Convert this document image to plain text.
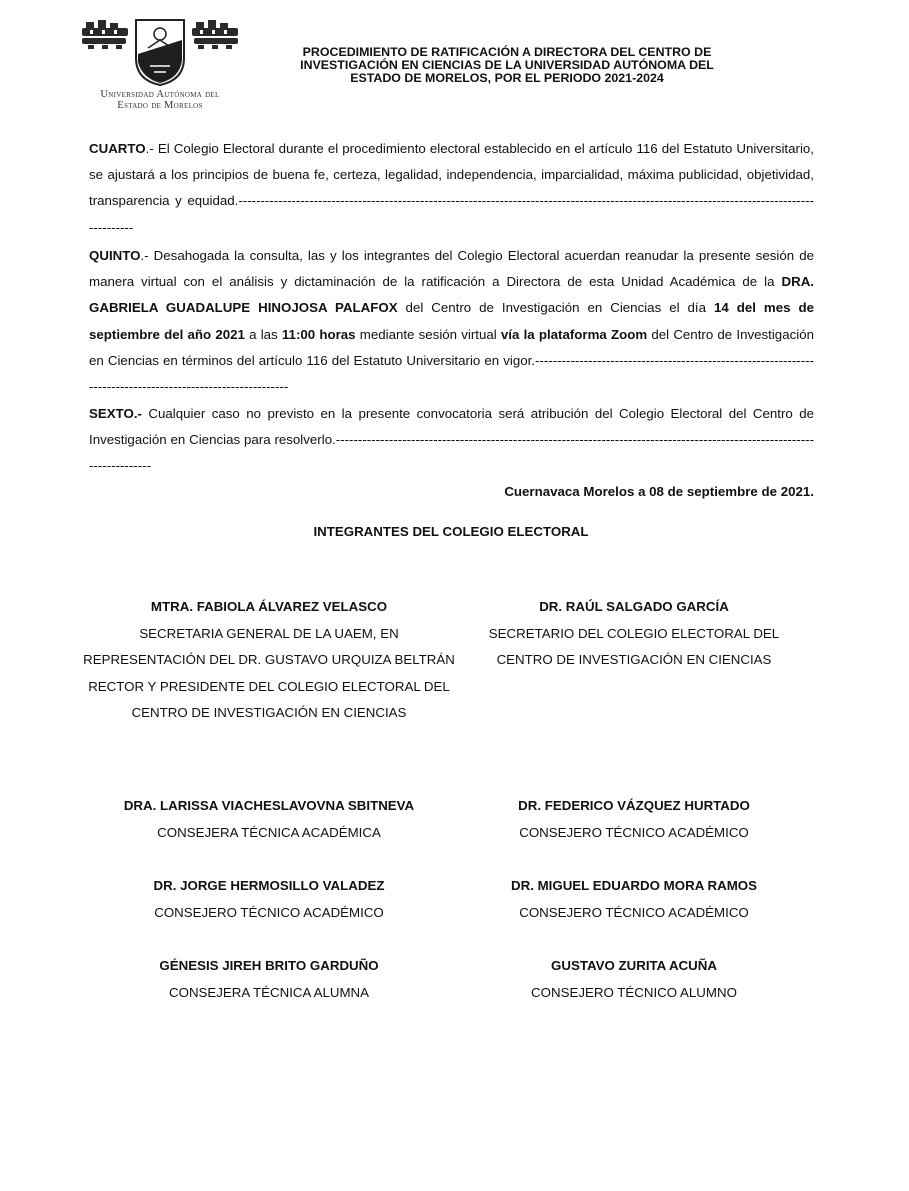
Universidad Autónoma del
Estado de Morelos
PROCEDIMIENTO DE RATIFICACIÓN A DIRECTORA DEL CENTRO DE
INVESTIGACIÓN EN CIENCIAS DE LA UNIVERSIDAD AUTÓNOMA DEL
ESTADO DE MORELOS, POR EL PERIODO 2021-2024
CUARTO.- El Colegio Electoral durante el procedimiento electoral establecido en el artículo 116 del Estatuto Universitario, se ajustará a los principios de buena fe, certeza, legalidad, independencia, imparcialidad, máxima publicidad, objetividad, transparencia y equidad.--------------------------------------------------------------------------------------------------------------------------------------------
QUINTO.- Desahogada la consulta, las y los integrantes del Colegio Electoral acuerdan reanudar la presente sesión de manera virtual con el análisis y dictaminación de la ratificación a Directora de esta Unidad Académica de la DRA. GABRIELA GUADALUPE HINOJOSA PALAFOX del Centro de Investigación en Ciencias el día 14 del mes de septiembre del año 2021 a las 11:00 horas mediante sesión virtual vía la plataforma Zoom del Centro de Investigación en Ciencias en términos del artículo 116 del Estatuto Universitario en vigor.------------------------------------------------------------------------------------------------------------
SEXTO.- Cualquier caso no previsto en la presente convocatoria será atribución del Colegio Electoral del Centro de Investigación en Ciencias para resolverlo.--------------------------------------------------------------------------------------------------------------------------
Cuernavaca Morelos a 08 de septiembre de 2021.
INTEGRANTES DEL COLEGIO ELECTORAL
MTRA. FABIOLA ÁLVAREZ VELASCO
SECRETARIA GENERAL DE LA UAEM, EN
REPRESENTACIÓN DEL DR. GUSTAVO URQUIZA BELTRÁN
RECTOR Y PRESIDENTE DEL COLEGIO ELECTORAL DEL
CENTRO DE INVESTIGACIÓN EN CIENCIAS
DR. RAÚL SALGADO GARCÍA
SECRETARIO DEL COLEGIO ELECTORAL DEL
CENTRO DE INVESTIGACIÓN EN CIENCIAS
DRA. LARISSA VIACHESLAVOVNA SBITNEVA
CONSEJERA TÉCNICA ACADÉMICA
DR. FEDERICO VÁZQUEZ HURTADO
CONSEJERO TÉCNICO ACADÉMICO
DR. JORGE HERMOSILLO VALADEZ
CONSEJERO TÉCNICO ACADÉMICO
DR. MIGUEL EDUARDO MORA RAMOS
CONSEJERO TÉCNICO ACADÉMICO
GÉNESIS JIREH BRITO GARDUÑO
CONSEJERA TÉCNICA ALUMNA
GUSTAVO ZURITA ACUÑA
CONSEJERO TÉCNICO ALUMNO
